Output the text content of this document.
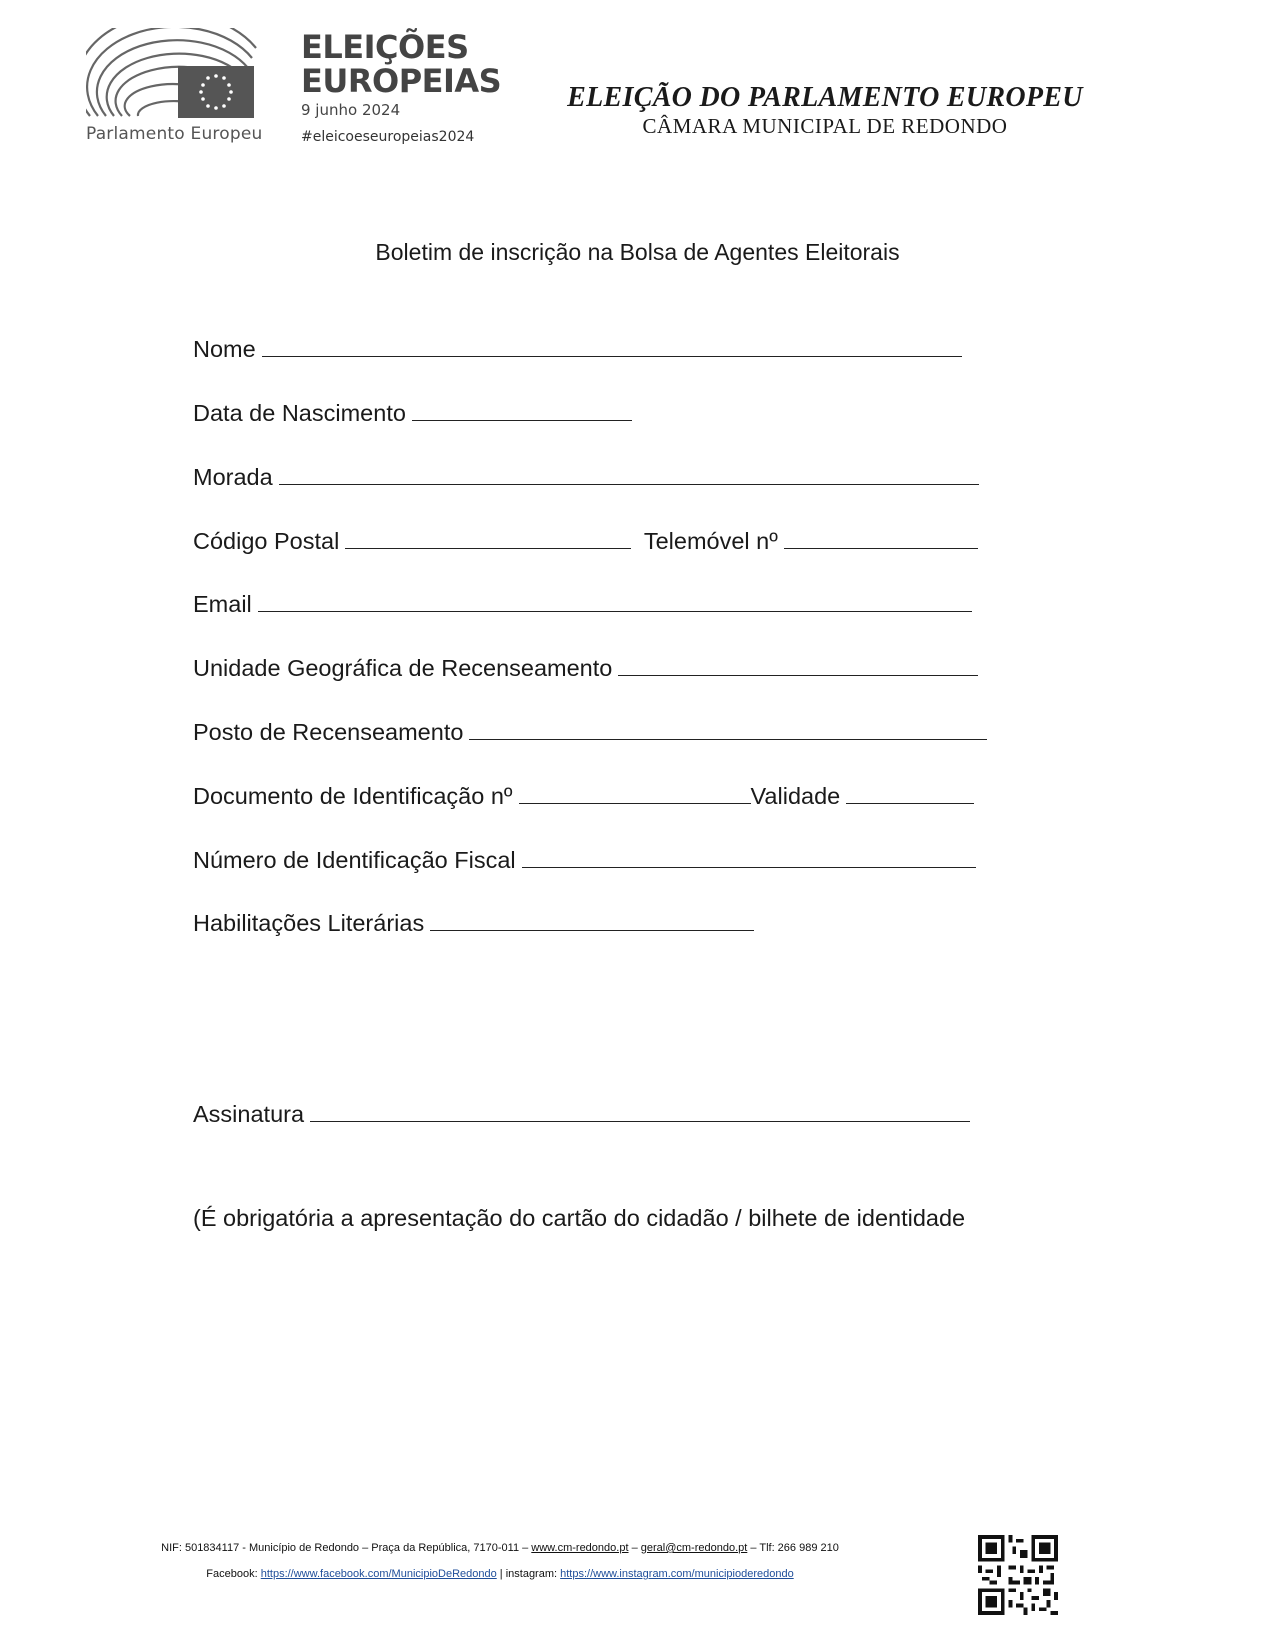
Parlamento Europeu
ELEIÇÕES
EUROPEIAS
9 junho 2024
#eleicoeseuropeias2024
ELEIÇÃO DO PARLAMENTO EUROPEU
CÂMARA MUNICIPAL DE REDONDO
Boletim de inscrição na Bolsa de Agentes Eleitorais
Nome
Data de Nascimento
Morada
Código Postal	Telemóvel nº
Email
Unidade Geográfica de Recenseamento
Posto de Recenseamento
Documento de Identificação nº	Validade
Número de Identificação Fiscal
Habilitações Literárias
Assinatura
(É obrigatória a apresentação do cartão do cidadão / bilhete de identidade
NIF: 501834117 - Município de Redondo – Praça da República, 7170-011 – www.cm-redondo.pt – geral@cm-redondo.pt – Tlf: 266 989 210
Facebook: https://www.facebook.com/MunicipioDeRedondo | instagram: https://www.instagram.com/municipioderedondo
